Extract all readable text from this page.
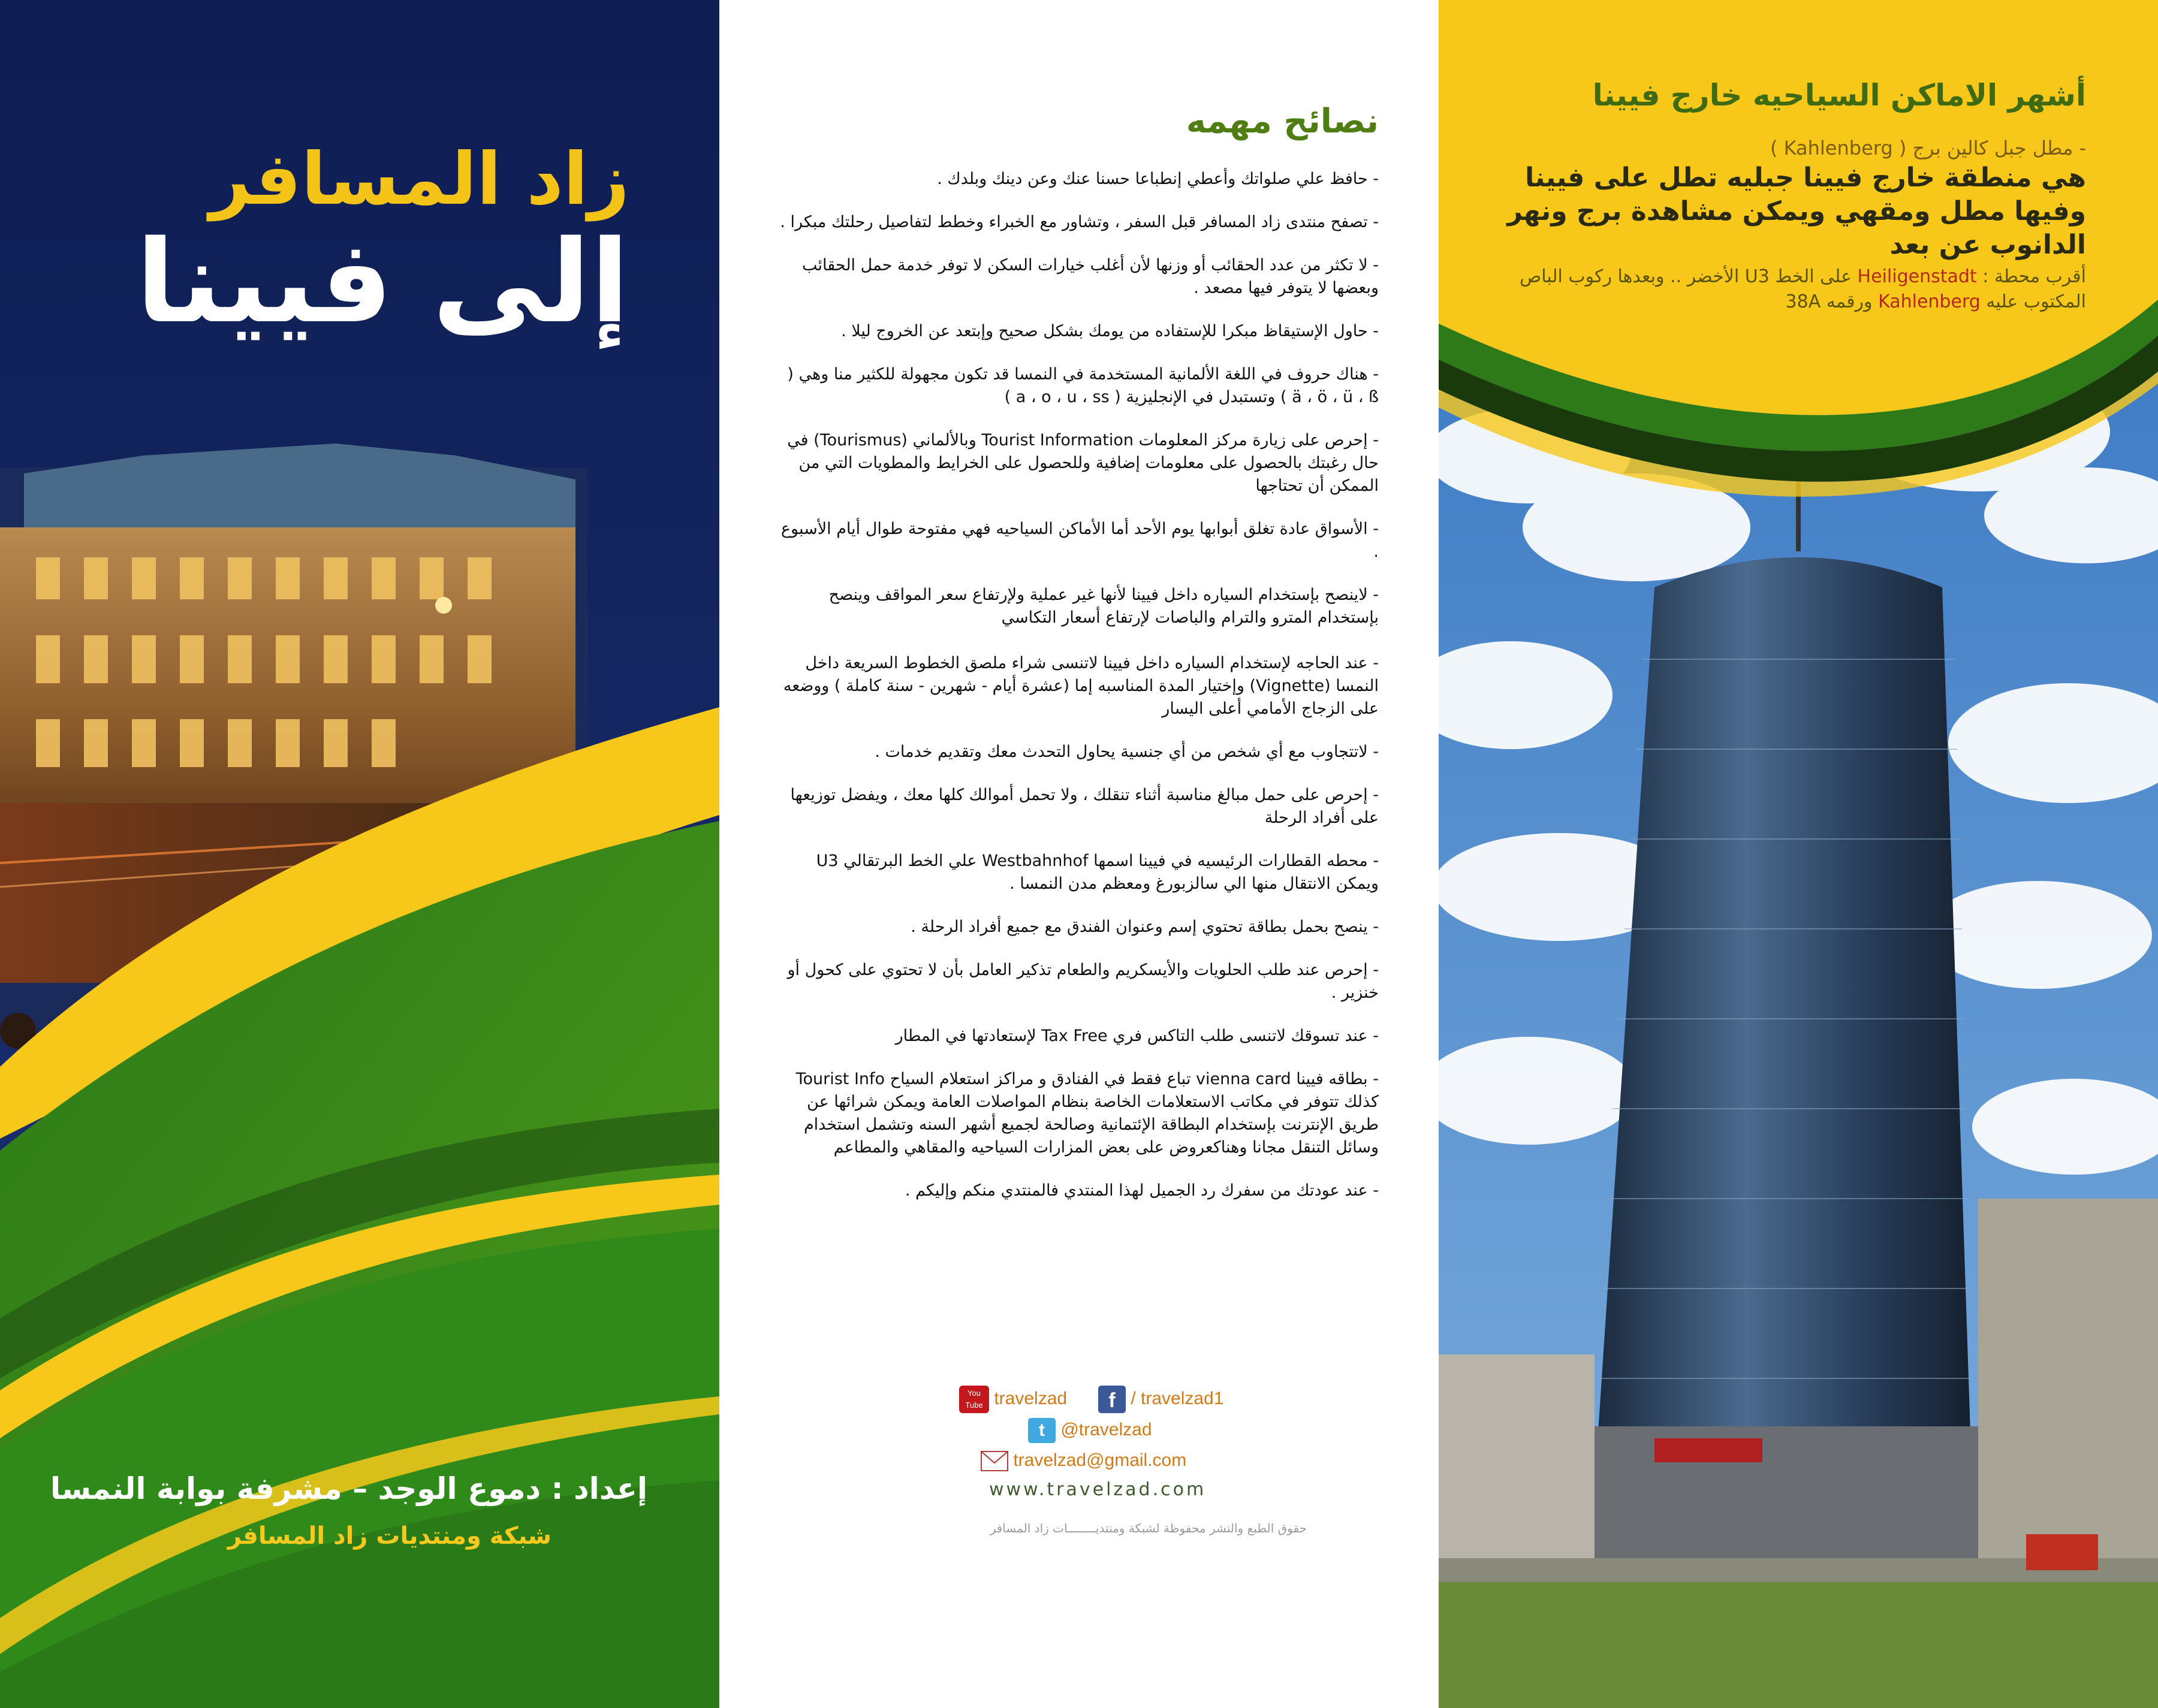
زاد المسافر
إلى فيينا
إعداد : دموع الوجد – مشرفة بوابة النمسا
شبكة ومنتديات زاد المسافر
نصائح مهمه
- حافظ علي صلواتك وأعطي إنطباعا حسنا عنك وعن دينك وبلدك .
- تصفح منتدى زاد المسافر قبل السفر ، وتشاور مع الخبراء وخطط لتفاصيل رحلتك مبكرا .
- لا تكثر من عدد الحقائب أو وزنها لأن أغلب خيارات السكن لا توفر خدمة حمل الحقائب وبعضها لا يتوفر فيها مصعد .
- حاول الإستيقاظ مبكرا للإستفاده من يومك بشكل صحيح وإبتعد عن الخروج ليلا .
- هناك حروف في اللغة الألمانية المستخدمة في النمسا قد تكون مجهولة للكثير منا وهي ( ä ، ö ، ü ، ß ) وتستبدل في الإنجليزية ( a ، o ، u ، ss )
- إحرص على زيارة مركز المعلومات Tourist Information وبالألماني (Tourismus) في حال رغبتك بالحصول على معلومات إضافية وللحصول على الخرايط والمطويات التي من الممكن أن تحتاجها
- الأسواق عادة تغلق أبوابها يوم الأحد أما الأماكن السياحيه فهي مفتوحة طوال أيام الأسبوع .
- لاينصح بإستخدام السياره داخل فيينا لأنها غير عملية ولإرتفاع سعر المواقف وينصح بإستخدام المترو والترام والباصات لإرتفاع أسعار التكاسي
- عند الحاجه لإستخدام السياره داخل فيينا لاتنسى شراء ملصق الخطوط السريعة داخل النمسا (Vignette) وإختيار المدة المناسبه إما (عشرة أيام - شهرين - سنة كاملة ) ووضعه على الزجاج الأمامي أعلى اليسار
- لاتتجاوب مع أي شخص من أي جنسية يحاول التحدث معك وتقديم خدمات .
- إحرص على حمل مبالغ مناسبة أثناء تنقلك ، ولا تحمل أموالك كلها معك ، ويفضل توزيعها على أفراد الرحلة
- محطه القطارات الرئيسيه في فيينا اسمها Westbahnhof علي الخط البرتقالي U3 ويمكن الانتقال منها الي سالزبورغ ومعظم مدن النمسا .
- ينصح بحمل بطاقة تحتوي إسم وعنوان الفندق مع جميع أفراد الرحلة .
- إحرص عند طلب الحلويات والأيسكريم والطعام تذكير العامل بأن لا تحتوي على كحول أو خنزير .
- عند تسوقك لاتنسى طلب التاكس فري Tax Free لإستعادتها في المطار
- بطاقه فيينا vienna card تباع فقط في الفنادق و مراكز استعلام السياح Tourist Info كذلك تتوفر في مكاتب الاستعلامات الخاصة بنظام المواصلات العامة ويمكن شرائها عن طريق الإنترنت بإستخدام البطاقة الإئتمانية وصالحة لجميع أشهر السنه وتشمل استخدام وسائل التنقل مجانا وهناكعروض على بعض المزارات السياحيه والمقاهي والمطاعم
- عند عودتك من سفرك رد الجميل لهذا المنتدي فالمنتدي منكم وإليكم .
You Tube travelzad	f / travelzad1
t @travelzad
travelzad@gmail.com
www.travelzad.com
حقوق الطبع والنشر محفوظة لشبكة ومنتديــــــــات زاد المسافر
أشهر الاماكن السياحيه خارج فيينا
- مطل جبل كالين برج ( Kahlenberg )
هي منطقة خارج فيينا جبليه تطل على فيينا وفيها مطل ومقهي ويمكن مشاهدة برج ونهر الدانوب عن بعد
أقرب محطة : Heiligenstadt على الخط U3 الأخضر .. وبعدها ركوب الباص المكتوب عليه Kahlenberg ورقمه 38A
